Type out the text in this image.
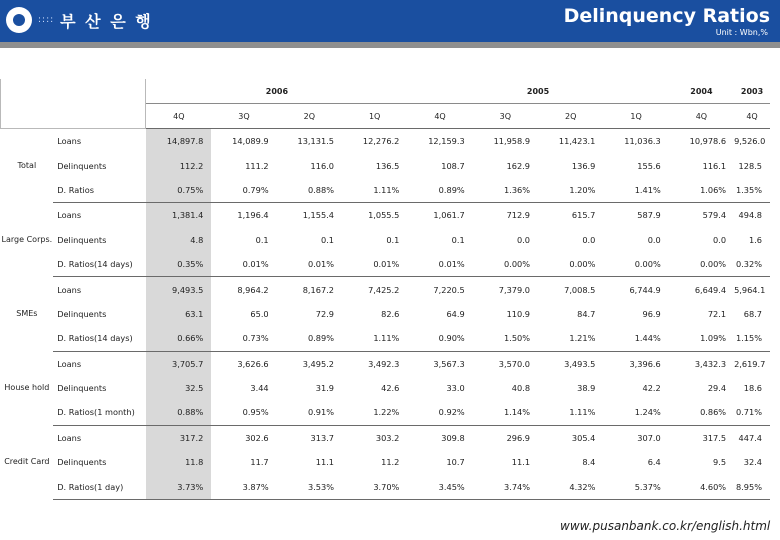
:::: 부 산 은 행	Delinquency Ratios
Unit : Wbn,%
		2006				2005				2004	2003
		4Q	3Q	2Q	1Q	4Q	3Q	2Q	1Q	4Q	4Q
Total	Loans	14,897.8	14,089.9	13,131.5	12,276.2	12,159.3	11,958.9	11,423.1	11,036.3	10,978.6	9,526.0
	Delinquents	112.2	111.2	116.0	136.5	108.7	162.9	136.9	155.6	116.1	128.5
	D. Ratios	0.75%	0.79%	0.88%	1.11%	0.89%	1.36%	1.20%	1.41%	1.06%	1.35%
Large Corps.	Loans	1,381.4	1,196.4	1,155.4	1,055.5	1,061.7	712.9	615.7	587.9	579.4	494.8
	Delinquents	4.8	0.1	0.1	0.1	0.1	0.0	0.0	0.0	0.0	1.6
	D. Ratios(14 days)	0.35%	0.01%	0.01%	0.01%	0.01%	0.00%	0.00%	0.00%	0.00%	0.32%
SMEs	Loans	9,493.5	8,964.2	8,167.2	7,425.2	7,220.5	7,379.0	7,008.5	6,744.9	6,649.4	5,964.1
	Delinquents	63.1	65.0	72.9	82.6	64.9	110.9	84.7	96.9	72.1	68.7
	D. Ratios(14 days)	0.66%	0.73%	0.89%	1.11%	0.90%	1.50%	1.21%	1.44%	1.09%	1.15%
House hold	Loans	3,705.7	3,626.6	3,495.2	3,492.3	3,567.3	3,570.0	3,493.5	3,396.6	3,432.3	2,619.7
	Delinquents	32.5	3.44	31.9	42.6	33.0	40.8	38.9	42.2	29.4	18.6
	D. Ratios(1 month)	0.88%	0.95%	0.91%	1.22%	0.92%	1.14%	1.11%	1.24%	0.86%	0.71%
Credit Card	Loans	317.2	302.6	313.7	303.2	309.8	296.9	305.4	307.0	317.5	447.4
	Delinquents	11.8	11.7	11.1	11.2	10.7	11.1	8.4	6.4	9.5	32.4
	D. Ratios(1 day)	3.73%	3.87%	3.53%	3.70%	3.45%	3.74%	4.32%	5.37%	4.60%	8.95%
www.pusanbank.co.kr/english.html
